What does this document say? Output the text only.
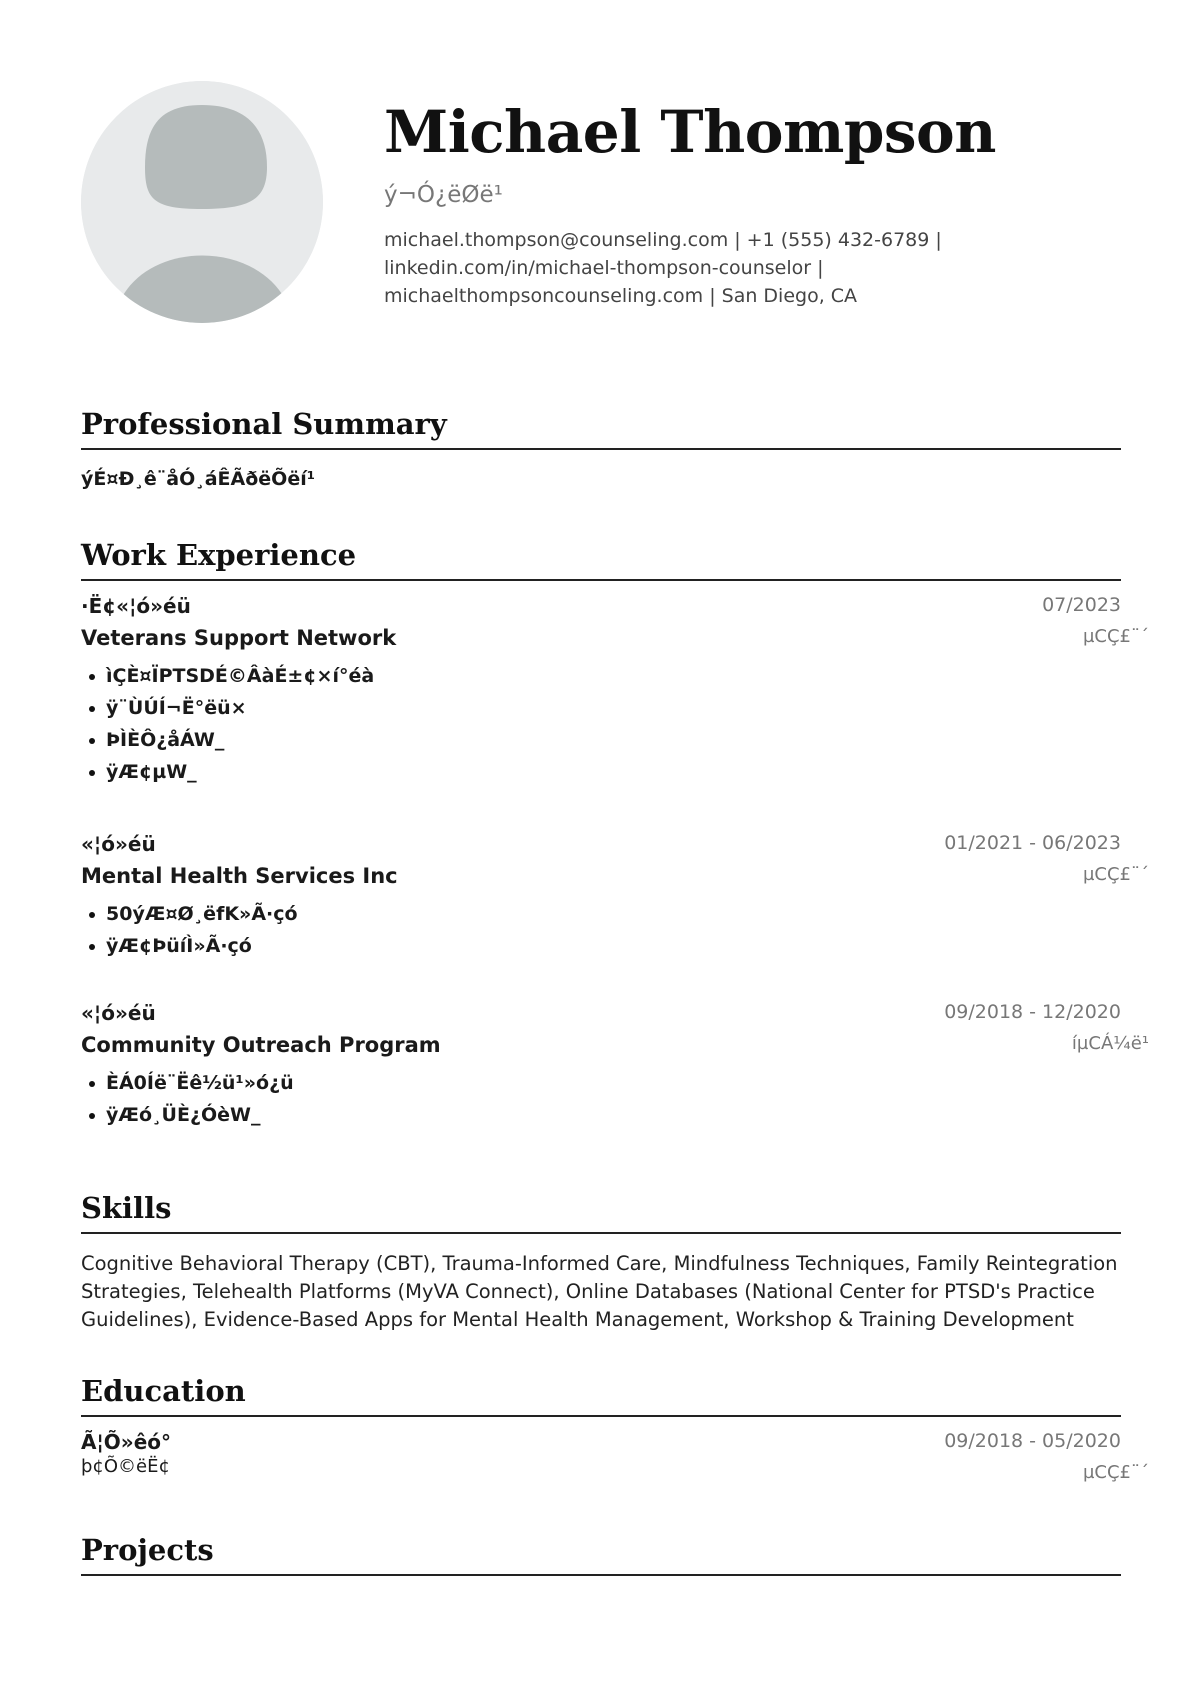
Michael Thompson
ý¬Ó¿ëØë¹
michael.thompson@counseling.com | +1 (555) 432-6789 | linkedin.com/in/michael-thompson-counselor | michaelthompsoncounseling.com | San Diego, CA
Professional Summary
ýÉ¤Ð¸ê¨åÓ¸áÊÃðëÕëí¹
Work Experience
·Ë¢«¦ó»éü	07/2023
Veterans Support Network	µCÇ£¨´
ìÇÈ¤ÏPTSDÉ©ÂàÉ±¢×í°éà
ÿ¨ÙÚÍ¬Ë°ëü×
ÞÌÈÔ¿åÁW_
ÿÆ¢µW_
«¦ó»éü	01/2021 - 06/2023
Mental Health Services Inc	µCÇ£¨´
50ýÆ¤Ø¸ëfK»Ã·çó
ÿÆ¢ÞüíÌ»Ã·çó
«¦ó»éü	09/2018 - 12/2020
Community Outreach Program	íµCÁ¼ë¹
ÈÁ0Íë¨Ëê½ü¹»ó¿ü
ÿÆó¸ÜÈ¿ÓèW_
Skills
Cognitive Behavioral Therapy (CBT), Trauma-Informed Care, Mindfulness Techniques, Family Reintegration Strategies, Telehealth Platforms (MyVA Connect), Online Databases (National Center for PTSD's Practice Guidelines), Evidence-Based Apps for Mental Health Management, Workshop & Training Development
Education
Ã¦Õ»êó°	09/2018 - 05/2020
þ¢Õ©ëË¢	µCÇ£¨´
Projects
